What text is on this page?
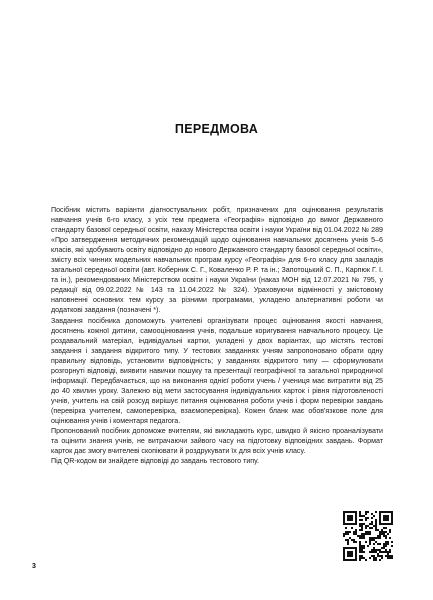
ПЕРЕДМОВА

Посібник містить варіанти діагностувальних робіт, призначених для оцінювання результатів навчання учнів 6-го класу, з усіх тем предмета «Географія» відповідно до вимог Державного стандарту базової середньої освіти, наказу Міністерства освіти і науки України від 01.04.2022 № 289 «Про затвердження методичних рекомендацій щодо оцінювання навчальних досягнень учнів 5–6 класів, які здобувають освіту відповідно до нового Державного стандарту базової середньої освіти», змісту всіх чинних модельних навчальних програм курсу «Географія» для 6-го класу для закладів загальної середньої освіти (авт. Коберник С. Г., Коваленко Р. Р. та ін.; Запотоцький С. П., Карпюк Г. І. та ін.), рекомендованих Міністерством освіти і науки України (наказ МОН від 12.07.2021 № 795, у редакції від 09.02.2022 № 143 та 11.04.2022 № 324). Ураховуючи відмінності у змістовому наповненні основних тем курсу за різними програмами, укладено альтернативні роботи чи додаткові завдання (позначені *).

Завдання посібника допоможуть учителеві організувати процес оцінювання якості навчання, досягнень кожної дитини, самооцінювання учнів, подальше коригування навчального процесу. Це роздавальний матеріал, індивідуальні картки, укладені у двох варіантах, що містять тестові завдання і завдання відкритого типу. У тестових завданнях учням запропоновано обрати одну правильну відповідь, установити відповідність; у завданнях відкритого типу — сформулювати розгорнуті відповіді, виявити навички пошуку та презентації географічної та загальної природничої інформації. Передбачається, що на виконання однієї роботи учень / учениця має витратити від 25 до 40 хвилин уроку. Залежно від мети застосування індивідуальних карток і рівня підготовленості учнів, учитель на свій розсуд вирішує питання оцінювання роботи учнів і форм перевірки завдань (перевірка учителем, самоперевірка, взаємоперевірка). Кожен бланк має обов'язкове поле для оцінювання учнів і коментаря педагога.

Пропонований посібник допоможе вчителям, які викладають курс, швидко й якісно проаналізувати та оцінити знання учнів, не витрачаючи зайвого часу на підготовку відповідних завдань. Формат карток дає змогу вчителеві скопіювати й роздрукувати їх для всіх учнів класу.

Під QR-кодом ви знайдете відповіді до завдань тестового типу.

3
